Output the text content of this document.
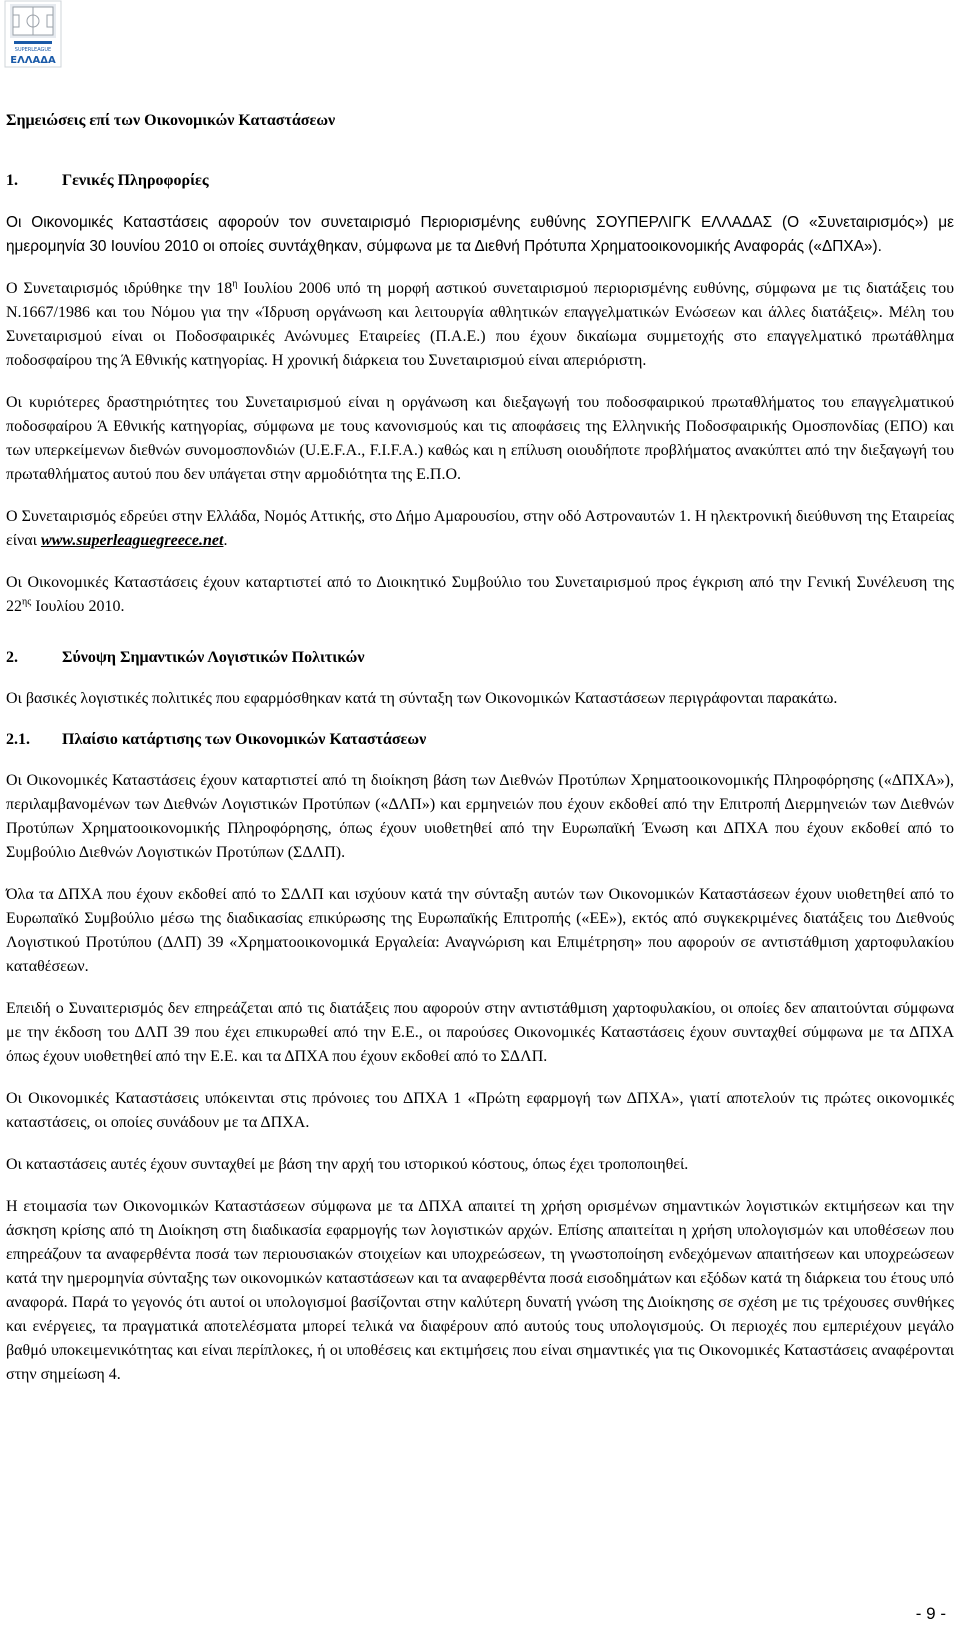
SUPERLEAGUE
ΕΛΛΑΔΑ
Σημειώσεις επί των Οικονομικών Καταστάσεων
1.	Γενικές Πληροφορίες

Οι Οικονομικές Καταστάσεις αφορούν τον συνεταιρισμό Περιορισμένης ευθύνης ΣΟΥΠΕΡΛΙΓΚ ΕΛΛΑΔΑΣ (Ο «Συνεταιρισμός») με ημερομηνία 30 Ιουνίου 2010 οι οποίες συντάχθηκαν, σύμφωνα με τα Διεθνή Πρότυπα Χρηματοοικονομικής Αναφοράς («ΔΠΧΑ»).

Ο Συνεταιρισμός ιδρύθηκε την $18^\eta$ Ιουλίου 2006 υπό τη μορφή αστικού συνεταιρισμού περιορισμένης ευθύνης, σύμφωνα με τις διατάξεις του Ν.1667/1986 και του Νόμου για την «Ίδρυση οργάνωση και λειτουργία αθλητικών επαγγελματικών Ενώσεων και άλλες διατάξεις». Μέλη του Συνεταιρισμού είναι οι Ποδοσφαιρικές Ανώνυμες Εταιρείες (Π.Α.Ε.) που έχουν δικαίωμα συμμετοχής στο επαγγελματικό πρωτάθλημα ποδοσφαίρου της Ά Εθνικής κατηγορίας. Η χρονική διάρκεια του Συνεταιρισμού είναι απεριόριστη.

Οι κυριότερες δραστηριότητες του Συνεταιρισμού είναι η οργάνωση και διεξαγωγή του ποδοσφαιρικού πρωταθλήματος του επαγγελματικού ποδοσφαίρου Ά Εθνικής κατηγορίας, σύμφωνα με τους κανονισμούς και τις αποφάσεις της Ελληνικής Ποδοσφαιρικής Ομοσπονδίας (ΕΠΟ) και των υπερκείμενων διεθνών συνομοσπονδιών (U.E.F.A., F.I.F.A.) καθώς και η επίλυση οιουδήποτε προβλήματος ανακύπτει από την διεξαγωγή του πρωταθλήματος αυτού που δεν υπάγεται στην αρμοδιότητα της Ε.Π.Ο.

Ο Συνεταιρισμός εδρεύει στην Ελλάδα, Νομός Αττικής, στο Δήμο Αμαρουσίου, στην οδό Αστροναυτών 1. Η ηλεκτρονική διεύθυνση της Εταιρείας είναι www.superleaguegreece.net.

Οι Οικονομικές Καταστάσεις έχουν καταρτιστεί από το Διοικητικό Συμβούλιο του Συνεταιρισμού προς έγκριση από την Γενική Συνέλευση της $22^{\eta\varsigma}$ Ιουλίου 2010.

2.	Σύνοψη Σημαντικών Λογιστικών Πολιτικών

Οι βασικές λογιστικές πολιτικές που εφαρμόσθηκαν κατά τη σύνταξη των Οικονομικών Καταστάσεων περιγράφονται παρακάτω.

2.1.	Πλαίσιο κατάρτισης των Οικονομικών Καταστάσεων

Οι Οικονομικές Καταστάσεις έχουν καταρτιστεί από τη διοίκηση βάση των Διεθνών Προτύπων Χρηματοοικονομικής Πληροφόρησης («ΔΠΧΑ»), περιλαμβανομένων των Διεθνών Λογιστικών Προτύπων («ΔΛΠ») και ερμηνειών που έχουν εκδοθεί από την Επιτροπή Διερμηνειών των Διεθνών Προτύπων Χρηματοοικονομικής Πληροφόρησης, όπως έχουν υιοθετηθεί από την Ευρωπαϊκή Ένωση και ΔΠΧΑ που έχουν εκδοθεί από το Συμβούλιο Διεθνών Λογιστικών Προτύπων (ΣΔΛΠ).

Όλα τα ΔΠΧΑ που έχουν εκδοθεί από το ΣΔΛΠ και ισχύουν κατά την σύνταξη αυτών των Οικονομικών Καταστάσεων έχουν υιοθετηθεί από το Ευρωπαϊκό Συμβούλιο μέσω της διαδικασίας επικύρωσης της Ευρωπαϊκής Επιτροπής («ΕΕ»), εκτός από συγκεκριμένες διατάξεις του Διεθνούς Λογιστικού Προτύπου (ΔΛΠ) 39 «Χρηματοοικονομικά Εργαλεία: Αναγνώριση και Επιμέτρηση» που αφορούν σε αντιστάθμιση χαρτοφυλακίου καταθέσεων.

Επειδή ο Συναιτερισμός δεν επηρεάζεται από τις διατάξεις που αφορούν στην αντιστάθμιση χαρτοφυλακίου, οι οποίες δεν απαιτούνται σύμφωνα με την έκδοση του ΔΛΠ 39 που έχει επικυρωθεί από την Ε.Ε., οι παρούσες Οικονομικές Καταστάσεις έχουν συνταχθεί σύμφωνα με τα ΔΠΧΑ όπως έχουν υιοθετηθεί από την Ε.Ε. και τα ΔΠΧΑ που έχουν εκδοθεί από το ΣΔΛΠ.

Οι Οικονομικές Καταστάσεις υπόκεινται στις πρόνοιες του ΔΠΧΑ 1 «Πρώτη εφαρμογή των ΔΠΧΑ», γιατί αποτελούν τις πρώτες οικονομικές καταστάσεις, οι οποίες συνάδουν με τα ΔΠΧΑ.

Οι καταστάσεις αυτές έχουν συνταχθεί με βάση την αρχή του ιστορικού κόστους, όπως έχει τροποποιηθεί.

Η ετοιμασία των Οικονομικών Καταστάσεων σύμφωνα με τα ΔΠΧΑ απαιτεί τη χρήση ορισμένων σημαντικών λογιστικών εκτιμήσεων και την άσκηση κρίσης από τη Διοίκηση στη διαδικασία εφαρμογής των λογιστικών αρχών. Επίσης απαιτείται η χρήση υπολογισμών και υποθέσεων που επηρεάζουν τα αναφερθέντα ποσά των περιουσιακών στοιχείων και υποχρεώσεων, τη γνωστοποίηση ενδεχόμενων απαιτήσεων και υποχρεώσεων κατά την ημερομηνία σύνταξης των οικονομικών καταστάσεων και τα αναφερθέντα ποσά εισοδημάτων και εξόδων κατά τη διάρκεια του έτους υπό αναφορά. Παρά το γεγονός ότι αυτοί οι υπολογισμοί βασίζονται στην καλύτερη δυνατή γνώση της Διοίκησης σε σχέση με τις τρέχουσες συνθήκες και ενέργειες, τα πραγματικά αποτελέσματα μπορεί τελικά να διαφέρουν από αυτούς τους υπολογισμούς. Οι περιοχές που εμπεριέχουν μεγάλο βαθμό υποκειμενικότητας και είναι περίπλοκες, ή οι υποθέσεις και εκτιμήσεις που είναι σημαντικές για τις Οικονομικές Καταστάσεις αναφέρονται στην σημείωση 4.

- 9 -
